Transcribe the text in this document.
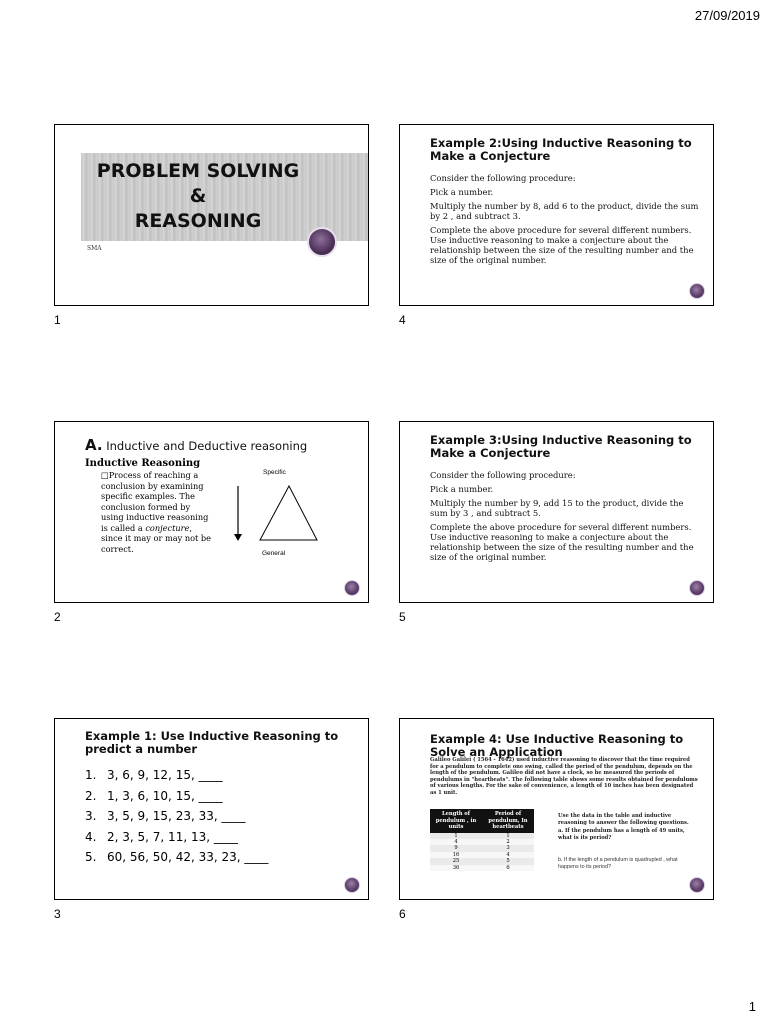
27/09/2019
PROBLEM SOLVING
&
REASONING
SMA
1
Example 2:Using Inductive Reasoning to Make a Conjecture

Consider the following procedure:

Pick a number.

Multiply the number by 8, add 6 to the product, divide the sum by 2 , and subtract 3.

Complete the above procedure for several different numbers. Use inductive reasoning to make a conjecture about the relationship between the size of the resulting number and the size of the original number.

4
A. Inductive and Deductive reasoning
Inductive Reasoning
□Process of reaching a conclusion by examining specific examples. The conclusion formed by using inductive reasoning is called a conjecture, since it may or may not be correct.
Specific
General
2
Example 3:Using Inductive Reasoning to Make a Conjecture

Consider the following procedure:

Pick a number.

Multiply the number by 9, add 15 to the product, divide the sum by 3 , and subtract 5.

Complete the above procedure for several different numbers. Use inductive reasoning to make a conjecture about the relationship between the size of the resulting number and the size of the original number.

5
Example 1: Use Inductive Reasoning to predict a number
1. 3, 6, 9, 12, 15, ____
2. 1, 3, 6, 10, 15, ____
3. 3, 5, 9, 15, 23, 33, ____
4. 2, 3, 5, 7, 11, 13, ____
5. 60, 56, 50, 42, 33, 23, ____
3
Example 4: Use Inductive Reasoning to Solve an Application
Galileo Galilei ( 1564 - 1642) used inductive reasoning to discover that the time required for a pendulum to complete one swing, called the period of the pendulum, depends on the length of the pendulum. Galileo did not have a clock, so he measured the periods of pendulums in "heartbeats". The following table shows some results obtained for pendulums of various lengths. For the sake of convenience, a length of 10 inches has been designated as 1 unit.
Length of pendulum , in units	Period of pendulum, In heartbeats
1	1
4	2
9	3
16	4
25	5
36	6

Use the data in the table and inductive reasoning to answer the following questions.

a. If the pendulum has a length of 49 units, what is its period?

b. If the length of a pendulum is quadrupled , what happens to its period?
6
1
